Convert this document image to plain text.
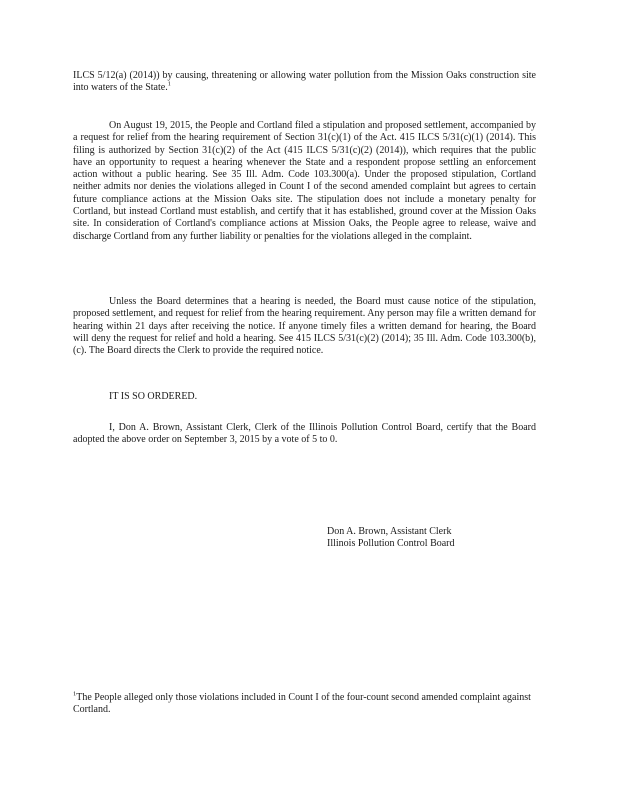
ILCS 5/12(a) (2014)) by causing, threatening or allowing water pollution from the Mission Oaks construction site into waters of the State.$^1$

On August 19, 2015, the People and Cortland filed a stipulation and proposed settlement, accompanied by a request for relief from the hearing requirement of Section 31(c)(1) of the Act. 415 ILCS 5/31(c)(1) (2014). This filing is authorized by Section 31(c)(2) of the Act (415 ILCS 5/31(c)(2) (2014)), which requires that the public have an opportunity to request a hearing whenever the State and a respondent propose settling an enforcement action without a public hearing. See 35 Ill. Adm. Code 103.300(a). Under the proposed stipulation, Cortland neither admits nor denies the violations alleged in Count I of the second amended complaint but agrees to certain future compliance actions at the Mission Oaks site. The stipulation does not include a monetary penalty for Cortland, but instead Cortland must establish, and certify that it has established, ground cover at the Mission Oaks site. In consideration of Cortland's compliance actions at Mission Oaks, the People agree to release, waive and discharge Cortland from any further liability or penalties for the violations alleged in the complaint.

Unless the Board determines that a hearing is needed, the Board must cause notice of the stipulation, proposed settlement, and request for relief from the hearing requirement. Any person may file a written demand for hearing within 21 days after receiving the notice. If anyone timely files a written demand for hearing, the Board will deny the request for relief and hold a hearing. See 415 ILCS 5/31(c)(2) (2014); 35 Ill. Adm. Code 103.300(b), (c). The Board directs the Clerk to provide the required notice.

IT IS SO ORDERED.

I, Don A. Brown, Assistant Clerk, Clerk of the Illinois Pollution Control Board, certify that the Board adopted the above order on September 3, 2015 by a vote of 5 to 0.

Don A. Brown, Assistant Clerk

Illinois Pollution Control Board

$^1$The People alleged only those violations included in Count I of the four-count second amended complaint against Cortland.
